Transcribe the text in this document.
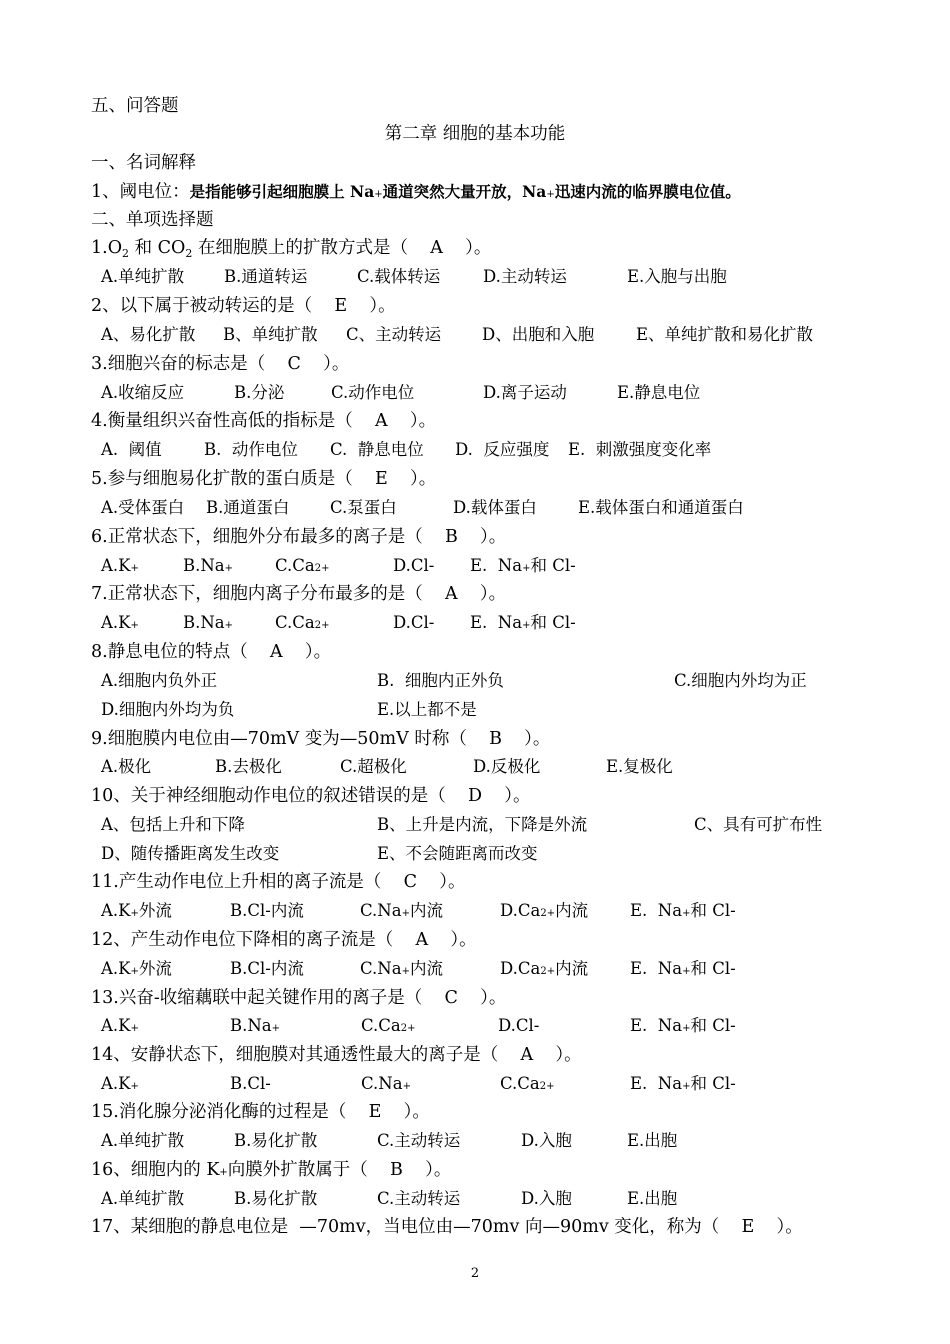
五、问答题
第二章 细胞的基本功能
一、名词解释
1、阈电位：是指能够引起细胞膜上 Na+通道突然大量开放，Na+迅速内流的临界膜电位值。
二、单项选择题
$1.O_2$ 和 $CO_2$ 在细胞膜上的扩散方式是（    A    ）。
A.单纯扩散 B.通道转运	C.载体转运	D.主动转运	E.入胞与出胞
2、以下属于被动转运的是（    E    ）。
A、易化扩散 B、单纯扩散 C、主动转运 D、出胞和入胞	E、单纯扩散和易化扩散
3.细胞兴奋的标志是（    C    ）。
A.收缩反应	B.分泌	C.动作电位	D.离子运动	E.静息电位
4.衡量组织兴奋性高低的指标是（    A    ）。
A.  阈值	B.  动作电位 C.  静息电位 D.  反应强度 E.  刺激强度变化率
5.参与细胞易化扩散的蛋白质是（    E    ）。
A.受体蛋白 B.通道蛋白 C.泵蛋白	D.载体蛋白 E.载体蛋白和通道蛋白
6.正常状态下，细胞外分布最多的离子是（    B    ）。
A.K+	B.Na+	C.Ca2+	D.Cl- E.  Na+和 Cl-
7.正常状态下，细胞内离子分布最多的是（    A    ）。
A.K+	B.Na+	C.Ca2+	D.Cl- E.  Na+和 Cl-
8.静息电位的特点（    A    ）。
A.细胞内负外正	B.  细胞内正外负	C.细胞内外均为正
D.细胞内外均为负	E.以上都不是
9.细胞膜内电位由—70mV 变为—50mV 时称（    B    ）。
A.极化	B.去极化	C.超极化	D.反极化	E.复极化
10、关于神经细胞动作电位的叙述错误的是（    D    ）。
A、包括上升和下降	B、上升是内流，下降是外流	C、具有可扩布性
D、随传播距离发生改变	E、不会随距离而改变
11.产生动作电位上升相的离子流是（    C    ）。
A.K+外流	B.Cl-内流	C.Na+内流	D.Ca2+内流	E.  Na+和 Cl-
12、产生动作电位下降相的离子流是（    A    ）。
A.K+外流	B.Cl-内流	C.Na+内流	D.Ca2+内流	E.  Na+和 Cl-
13.兴奋-收缩藕联中起关键作用的离子是（    C    ）。
A.K+	B.Na+	C.Ca2+	D.Cl-	E.  Na+和 Cl-
14、安静状态下，细胞膜对其通透性最大的离子是（    A    ）。
A.K+	B.Cl-	C.Na+	C.Ca2+	E.  Na+和 Cl-
15.消化腺分泌消化酶的过程是（    E    ）。
A.单纯扩散	B.易化扩散	C.主动转运	D.入胞	E.出胞
16、细胞内的 K+向膜外扩散属于（    B    ）。
A.单纯扩散	B.易化扩散	C.主动转运	D.入胞	E.出胞
17、某细胞的静息电位是  —70mv，当电位由—70mv 向—90mv 变化，称为（    E    ）。
2
